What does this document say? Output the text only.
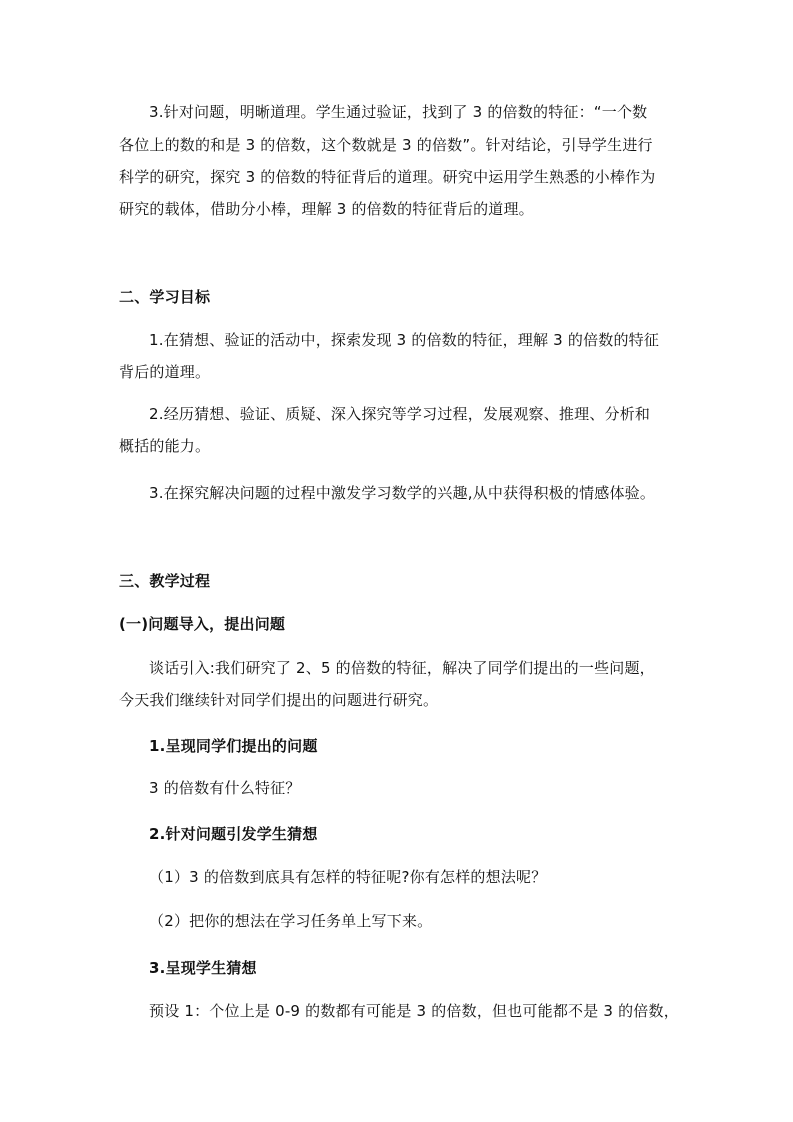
3.针对问题，明晰道理。学生通过验证，找到了 3 的倍数的特征：“一个数
各位上的数的和是 3 的倍数，这个数就是 3 的倍数”。针对结论，引导学生进行
科学的研究，探究 3 的倍数的特征背后的道理。研究中运用学生熟悉的小棒作为
研究的载体，借助分小棒，理解 3 的倍数的特征背后的道理。
二、学习目标
1.在猜想、验证的活动中，探索发现 3 的倍数的特征，理解 3 的倍数的特征
背后的道理。
2.经历猜想、验证、质疑、深入探究等学习过程，发展观察、推理、分析和
概括的能力。
3.在探究解决问题的过程中激发学习数学的兴趣,从中获得积极的情感体验。
三、教学过程
(一)问题导入，提出问题
谈话引入:我们研究了 2、5 的倍数的特征，解决了同学们提出的一些问题，
今天我们继续针对同学们提出的问题进行研究。
1.呈现同学们提出的问题
3 的倍数有什么特征？
2.针对问题引发学生猜想
（1）3 的倍数到底具有怎样的特征呢?你有怎样的想法呢？
（2）把你的想法在学习任务单上写下来。
3.呈现学生猜想
预设 1：个位上是 0-9 的数都有可能是 3 的倍数，但也可能都不是 3 的倍数，
